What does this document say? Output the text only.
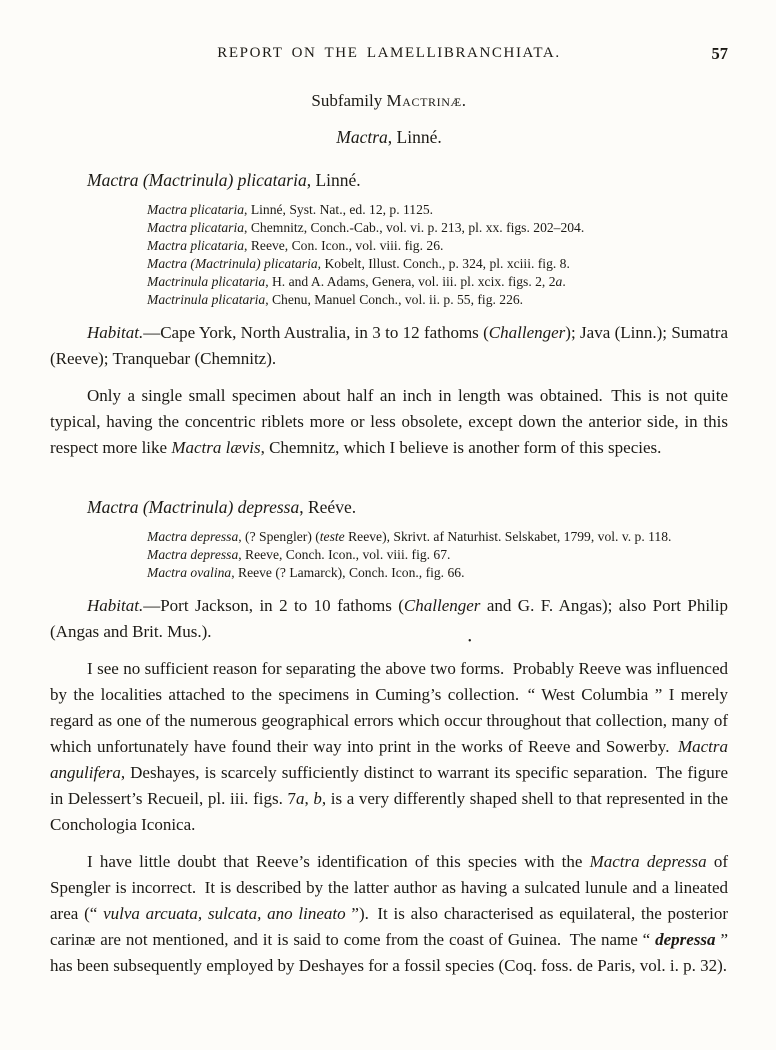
REPORT ON THE LAMELLIBRANCHIATA.	57
Subfamily Mactrinæ.
Mactra, Linné.
Mactra (Mactrinula) plicataria, Linné.
Mactra plicataria, Linné, Syst. Nat., ed. 12, p. 1125.
Mactra plicataria, Chemnitz, Conch.-Cab., vol. vi. p. 213, pl. xx. figs. 202–204.
Mactra plicataria, Reeve, Con. Icon., vol. viii. fig. 26.
Mactra (Mactrinula) plicataria, Kobelt, Illust. Conch., p. 324, pl. xciii. fig. 8.
Mactrinula plicataria, H. and A. Adams, Genera, vol. iii. pl. xcix. figs. 2, 2a.
Mactrinula plicataria, Chenu, Manuel Conch., vol. ii. p. 55, fig. 226.

Habitat.—Cape York, North Australia, in 3 to 12 fathoms (Challenger); Java (Linn.); Sumatra (Reeve); Tranquebar (Chemnitz).

Only a single small specimen about half an inch in length was obtained. This is not quite typical, having the concentric riblets more or less obsolete, except down the anterior side, in this respect more like Mactra lævis, Chemnitz, which I believe is another form of this species.

Mactra (Mactrinula) depressa, Reéve.
Mactra depressa, (? Spengler) (teste Reeve), Skrivt. af Naturhist. Selskabet, 1799, vol. v. p. 118.
Mactra depressa, Reeve, Conch. Icon., vol. viii. fig. 67.
Mactra ovalina, Reeve (? Lamarck), Conch. Icon., fig. 66.

Habitat.—Port Jackson, in 2 to 10 fathoms (Challenger and G. F. Angas); also Port Philip (Angas and Brit. Mus.).

•

I see no sufficient reason for separating the above two forms. Probably Reeve was influenced by the localities attached to the specimens in Cuming’s collection. “ West Columbia ” I merely regard as one of the numerous geographical errors which occur throughout that collection, many of which unfortunately have found their way into print in the works of Reeve and Sowerby. Mactra angulifera, Deshayes, is scarcely sufficiently distinct to warrant its specific separation. The figure in Delessert’s Recueil, pl. iii. figs. 7a, b, is a very differently shaped shell to that represented in the Conchologia Iconica.

I have little doubt that Reeve’s identification of this species with the Mactra depressa of Spengler is incorrect. It is described by the latter author as having a sulcated lunule and a lineated area (“ vulva arcuata, sulcata, ano lineato ”). It is also characterised as equilateral, the posterior carinæ are not mentioned, and it is said to come from the coast of Guinea. The name “ depressa ” has been subsequently employed by Deshayes for a fossil species (Coq. foss. de Paris, vol. i. p. 32).
